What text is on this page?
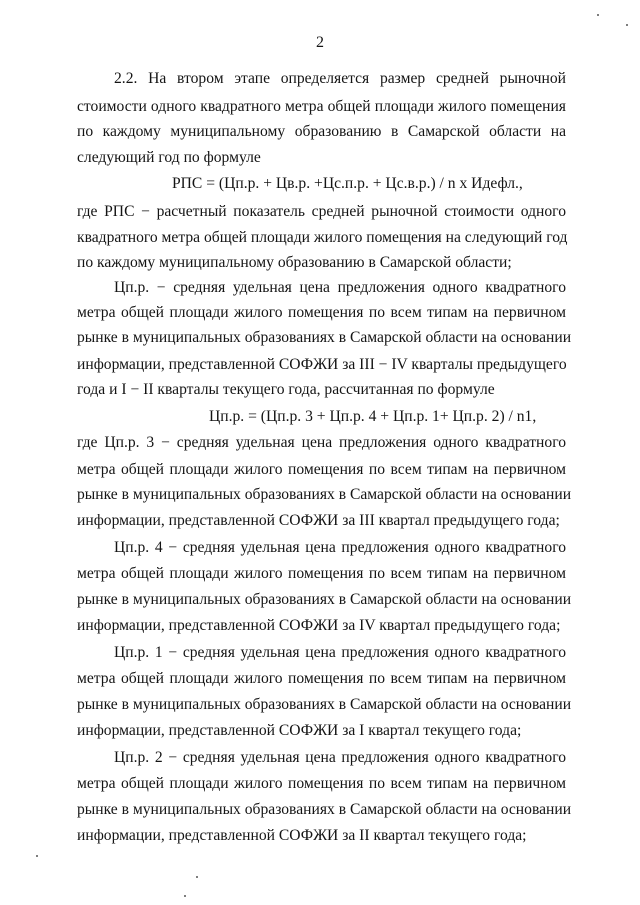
2
2.2. На втором этапе определяется размер средней рыночной
стоимости одного квадратного метра общей площади жилого помещения
по каждому муниципальному образованию в Самарской области на
следующий год по формуле
РПС = (Цп.р. + Цв.р. +Цс.п.р. + Цс.в.р.) / n x Идефл.,
где РПС − расчетный показатель средней рыночной стоимости одного
квадратного метра общей площади жилого помещения на следующий год
по каждому муниципальному образованию в Самарской области;
Цп.р. − средняя удельная цена предложения одного квадратного
метра общей площади жилого помещения по всем типам на первичном
рынке в муниципальных образованиях в Самарской области на основании
информации, представленной СОФЖИ за III − IV кварталы предыдущего
года и I − II кварталы текущего года, рассчитанная по формуле
Цп.р. = (Цп.р. 3 + Цп.р. 4 + Цп.р. 1+ Цп.р. 2) / n1,
где Цп.р. 3 − средняя удельная цена предложения одного квадратного
метра общей площади жилого помещения по всем типам на первичном
рынке в муниципальных образованиях в Самарской области на основании
информации, представленной СОФЖИ за III квартал предыдущего года;
Цп.р. 4 − средняя удельная цена предложения одного квадратного
метра общей площади жилого помещения по всем типам на первичном
рынке в муниципальных образованиях в Самарской области на основании
информации, представленной СОФЖИ за IV квартал предыдущего года;
Цп.р. 1 − средняя удельная цена предложения одного квадратного
метра общей площади жилого помещения по всем типам на первичном
рынке в муниципальных образованиях в Самарской области на основании
информации, представленной СОФЖИ за I квартал текущего года;
Цп.р. 2 − средняя удельная цена предложения одного квадратного
метра общей площади жилого помещения по всем типам на первичном
рынке в муниципальных образованиях в Самарской области на основании
информации, представленной СОФЖИ за II квартал текущего года;
